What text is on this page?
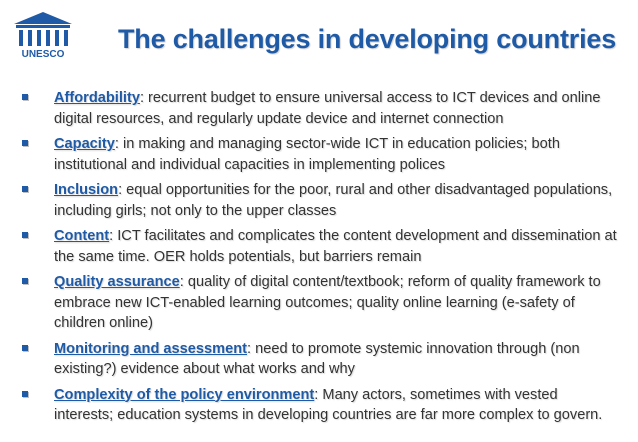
UNESCO
The challenges in developing countries
Affordability: recurrent budget to ensure universal access to ICT devices and online digital resources, and regularly update device and internet connection
Capacity: in making and managing sector-wide ICT in education policies; both institutional and individual capacities in implementing polices
Inclusion: equal opportunities for the poor, rural and other disadvantaged populations, including girls; not only to the upper classes
Content: ICT facilitates and complicates the content development and dissemination at the same time. OER holds potentials, but barriers remain
Quality assurance: quality of digital content/textbook; reform of quality framework to embrace new ICT-enabled learning outcomes; quality online learning (e-safety of children online)
Monitoring and assessment: need to promote systemic innovation through (non existing?) evidence about what works and why
Complexity of the policy environment: Many actors, sometimes with vested interests; education systems in developing countries are far more complex to govern.
